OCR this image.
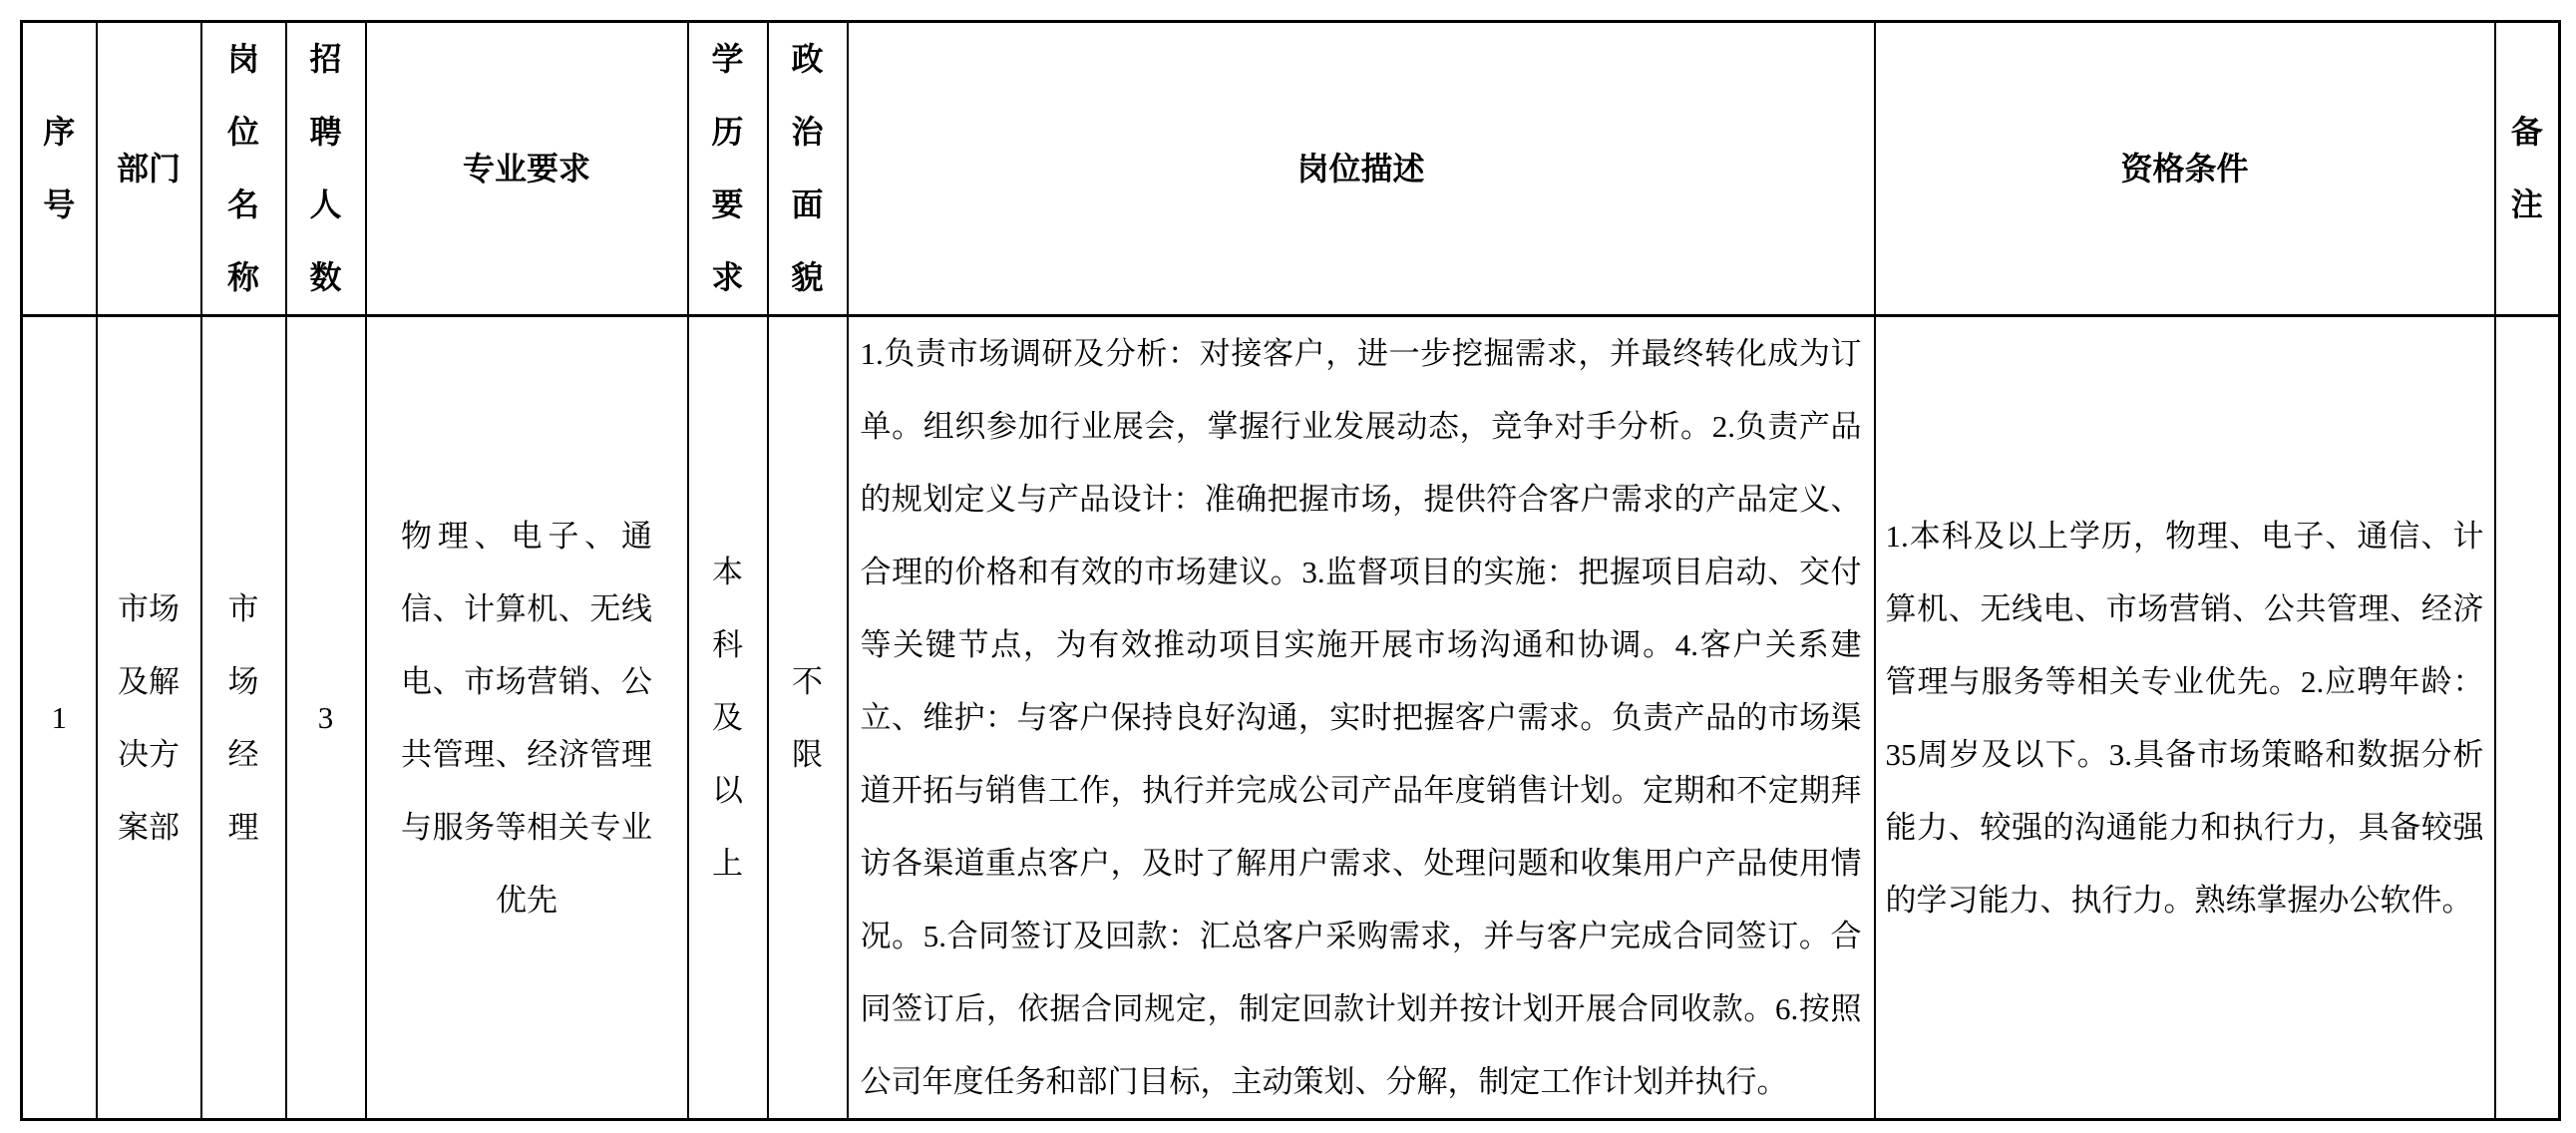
序号	部门	岗位名称	招聘人数	专业要求	学历要求	政治面貌	岗位描述	资格条件	备注
1	市场及解决方案部	市场经理	3	物理、电子、通信、计算机、无线电、市场营销、公共管理、经济管理与服务等相关专业优先	本科及以上	不限	1.负责市场调研及分析：对接客户，进一步挖掘需求，并最终转化成为订单。组织参加行业展会，掌握行业发展动态，竞争对手分析。2.负责产品的规划定义与产品设计：准确把握市场，提供符合客户需求的产品定义、合理的价格和有效的市场建议。3.监督项目的实施：把握项目启动、交付等关键节点，为有效推动项目实施开展市场沟通和协调。4.客户关系建立、维护：与客户保持良好沟通，实时把握客户需求。负责产品的市场渠道开拓与销售工作，执行并完成公司产品年度销售计划。定期和不定期拜访各渠道重点客户，及时了解用户需求、处理问题和收集用户产品使用情况。5.合同签订及回款：汇总客户采购需求，并与客户完成合同签订。合同签订后，依据合同规定，制定回款计划并按计划开展合同收款。6.按照公司年度任务和部门目标，主动策划、分解，制定工作计划并执行。	1.本科及以上学历，物理、电子、通信、计算机、无线电、市场营销、公共管理、经济管理与服务等相关专业优先。2.应聘年龄：35周岁及以下。3.具备市场策略和数据分析能力、较强的沟通能力和执行力，具备较强的学习能力、执行力。熟练掌握办公软件。	
